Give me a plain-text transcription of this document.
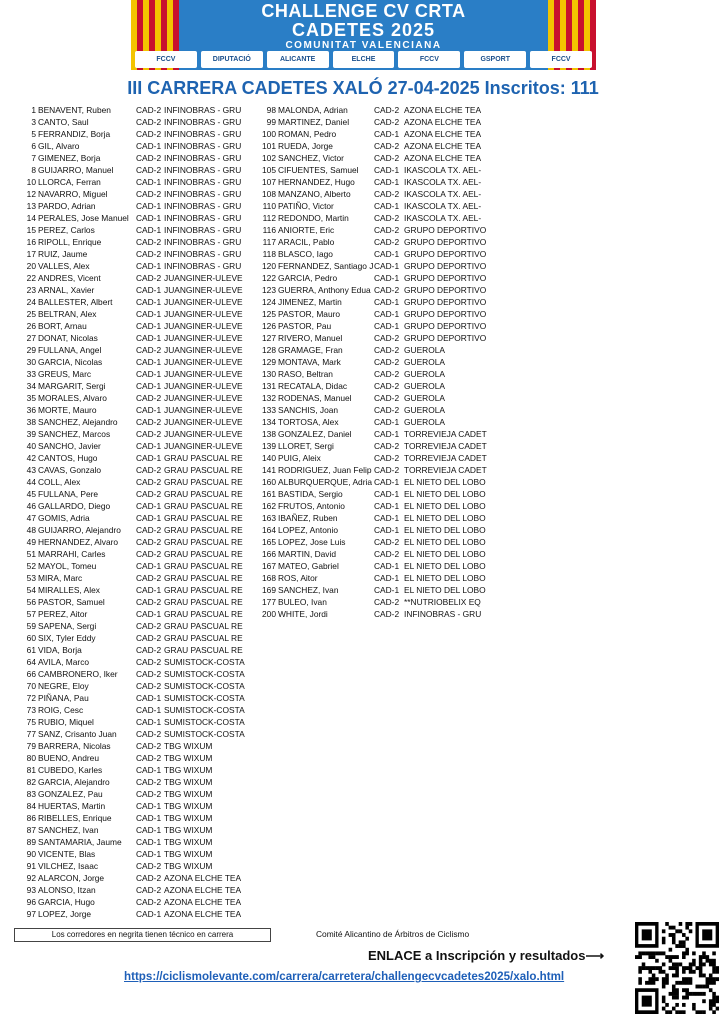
CHALLENGE CV CRTA
CADETES 2025
COMUNITAT VALENCIANA
FCCV	DIPUTACIÓ	ALICANTE	ELCHE	FCCV	GSPORT	FCCV
III CARRERA CADETES XALÓ 27-04-2025 Inscritos: 111
1 BENAVENT, Ruben	CAD-2 INFINOBRAS - GRU
3 CANTO, Saul	CAD-2 INFINOBRAS - GRU
5 FERRANDIZ, Borja	CAD-2 INFINOBRAS - GRU
6 GIL, Alvaro	CAD-1 INFINOBRAS - GRU
7 GIMENEZ, Borja	CAD-2 INFINOBRAS - GRU
8 GUIJARRO, Manuel	CAD-2 INFINOBRAS - GRU
10 LLORCA, Ferran	CAD-1 INFINOBRAS - GRU
12 NAVARRO, Miguel	CAD-2 INFINOBRAS - GRU
13 PARDO, Adrian	CAD-1 INFINOBRAS - GRU
14 PERALES, Jose Manuel CAD-1 INFINOBRAS - GRU
15 PEREZ, Carlos	CAD-1 INFINOBRAS - GRU
16 RIPOLL, Enrique	CAD-2 INFINOBRAS - GRU
17 RUIZ, Jaume	CAD-2 INFINOBRAS - GRU
20 VALLES, Alex	CAD-1 INFINOBRAS - GRU
22 ANDRES, Vicent	CAD-2 JUANGINER-ULEVE
23 ARNAL, Xavier	CAD-1 JUANGINER-ULEVE
24 BALLESTER, Albert	CAD-1 JUANGINER-ULEVE
25 BELTRAN, Alex	CAD-1 JUANGINER-ULEVE
26 BORT, Arnau	CAD-1 JUANGINER-ULEVE
27 DONAT, Nicolas	CAD-1 JUANGINER-ULEVE
29 FULLANA, Angel	CAD-2 JUANGINER-ULEVE
30 GARCIA, Nicolas	CAD-1 JUANGINER-ULEVE
33 GREUS, Marc	CAD-1 JUANGINER-ULEVE
34 MARGARIT, Sergi	CAD-1 JUANGINER-ULEVE
35 MORALES, Alvaro	CAD-2 JUANGINER-ULEVE
36 MORTE, Mauro	CAD-1 JUANGINER-ULEVE
38 SANCHEZ, Alejandro	CAD-2 JUANGINER-ULEVE
39 SANCHEZ, Marcos	CAD-2 JUANGINER-ULEVE
40 SANCHO, Javier	CAD-1 JUANGINER-ULEVE
42 CANTOS, Hugo	CAD-1 GRAU PASCUAL RE
43 CAVAS, Gonzalo	CAD-2 GRAU PASCUAL RE
44 COLL, Alex	CAD-2 GRAU PASCUAL RE
45 FULLANA, Pere	CAD-2 GRAU PASCUAL RE
46 GALLARDO, Diego	CAD-1 GRAU PASCUAL RE
47 GOMIS, Adria	CAD-1 GRAU PASCUAL RE
48 GUIJARRO, Alejandro	CAD-2 GRAU PASCUAL RE
49 HERNANDEZ, Alvaro	CAD-2 GRAU PASCUAL RE
51 MARRAHI, Carles	CAD-2 GRAU PASCUAL RE
52 MAYOL, Tomeu	CAD-1 GRAU PASCUAL RE
53 MIRA, Marc	CAD-2 GRAU PASCUAL RE
54 MIRALLES, Alex	CAD-1 GRAU PASCUAL RE
56 PASTOR, Samuel	CAD-2 GRAU PASCUAL RE
57 PEREZ, Aitor	CAD-1 GRAU PASCUAL RE
59 SAPENA, Sergi	CAD-2 GRAU PASCUAL RE
60 SIX, Tyler Eddy	CAD-2 GRAU PASCUAL RE
61 VIDA, Borja	CAD-2 GRAU PASCUAL RE
64 AVILA, Marco	CAD-2 SUMISTOCK-COSTA
66 CAMBRONERO, Iker	CAD-2 SUMISTOCK-COSTA
70 NEGRE, Eloy	CAD-2 SUMISTOCK-COSTA
72 PIÑANA, Pau	CAD-1 SUMISTOCK-COSTA
73 ROIG, Cesc	CAD-1 SUMISTOCK-COSTA
75 RUBIO, Miquel	CAD-1 SUMISTOCK-COSTA
77 SANZ, Crisanto Juan	CAD-2 SUMISTOCK-COSTA
79 BARRERA, Nicolas	CAD-2 TBG WIXUM
80 BUENO, Andreu	CAD-2 TBG WIXUM
81 CUBEDO, Karles	CAD-1 TBG WIXUM
82 GARCIA, Alejandro	CAD-2 TBG WIXUM
83 GONZALEZ, Pau	CAD-2 TBG WIXUM
84 HUERTAS, Martin	CAD-1 TBG WIXUM
86 RIBELLES, Enrique	CAD-1 TBG WIXUM
87 SANCHEZ, Ivan	CAD-1 TBG WIXUM
89 SANTAMARIA, Jaume	CAD-1 TBG WIXUM
90 VICENTE, Blas	CAD-1 TBG WIXUM
91 VILCHEZ, Isaac	CAD-2 TBG WIXUM
92 ALARCON, Jorge	CAD-2 AZONA ELCHE TEA
93 ALONSO, Itzan	CAD-2 AZONA ELCHE TEA
96 GARCIA, Hugo	CAD-2 AZONA ELCHE TEA
97 LOPEZ, Jorge	CAD-1 AZONA ELCHE TEA
98 MALONDA, Adrian	CAD-2 AZONA ELCHE TEA
99 MARTINEZ, Daniel	CAD-2 AZONA ELCHE TEA
100 ROMAN, Pedro	CAD-1 AZONA ELCHE TEA
101 RUEDA, Jorge	CAD-2 AZONA ELCHE TEA
102 SANCHEZ, Victor	CAD-2 AZONA ELCHE TEA
105 CIFUENTES, Samuel	CAD-1 IKASCOLA TX. AEL-
107 HERNANDEZ, Hugo	CAD-1 IKASCOLA TX. AEL-
108 MANZANO, Alberto	CAD-2 IKASCOLA TX. AEL-
110 PATIÑO, Victor	CAD-1 IKASCOLA TX. AEL-
112 REDONDO, Martin	CAD-2 IKASCOLA TX. AEL-
116 ANIORTE, Eric	CAD-2 GRUPO DEPORTIVO
117 ARACIL, Pablo	CAD-2 GRUPO DEPORTIVO
118 BLASCO, Iago	CAD-1 GRUPO DEPORTIVO
120 FERNANDEZ, Santiago J CAD-1 GRUPO DEPORTIVO
122 GARCIA, Pedro	CAD-1 GRUPO DEPORTIVO
123 GUERRA, Anthony Edua CAD-2 GRUPO DEPORTIVO
124 JIMENEZ, Martin	CAD-1 GRUPO DEPORTIVO
125 PASTOR, Mauro	CAD-1 GRUPO DEPORTIVO
126 PASTOR, Pau	CAD-1 GRUPO DEPORTIVO
127 RIVERO, Manuel	CAD-2 GRUPO DEPORTIVO
128 GRAMAGE, Fran	CAD-2 GUEROLA
129 MONTAVA, Mark	CAD-2 GUEROLA
130 RASO, Beltran	CAD-2 GUEROLA
131 RECATALA, Didac	CAD-2 GUEROLA
132 RODENAS, Manuel	CAD-2 GUEROLA
133 SANCHIS, Joan	CAD-2 GUEROLA
134 TORTOSA, Alex	CAD-1 GUEROLA
138 GONZALEZ, Daniel	CAD-1 TORREVIEJA CADET
139 LLORET, Sergi	CAD-2 TORREVIEJA CADET
140 PUIG, Aleix	CAD-2 TORREVIEJA CADET
141 RODRIGUEZ, Juan Felip CAD-2 TORREVIEJA CADET
160 ALBURQUERQUE, Adria CAD-1 EL NIETO DEL LOBO
161 BASTIDA, Sergio	CAD-1 EL NIETO DEL LOBO
162 FRUTOS, Antonio	CAD-1 EL NIETO DEL LOBO
163 IBAÑEZ, Ruben	CAD-1 EL NIETO DEL LOBO
164 LOPEZ, Antonio	CAD-1 EL NIETO DEL LOBO
165 LOPEZ, Jose Luis	CAD-2 EL NIETO DEL LOBO
166 MARTIN, David	CAD-2 EL NIETO DEL LOBO
167 MATEO, Gabriel	CAD-1 EL NIETO DEL LOBO
168 ROS, Aitor	CAD-1 EL NIETO DEL LOBO
169 SANCHEZ, Ivan	CAD-1 EL NIETO DEL LOBO
177 BULEO, Ivan	CAD-2 **NUTRIOBELIX EQ
200 WHITE, Jordi	CAD-2 INFINOBRAS - GRU
Los corredores en negrita tienen técnico en carrera	Comité Alicantino de Árbitros de Ciclismo
ENLACE a Inscripción y resultados⟶
https://ciclismolevante.com/carrera/carretera/challengecvcadetes2025/xalo.html
